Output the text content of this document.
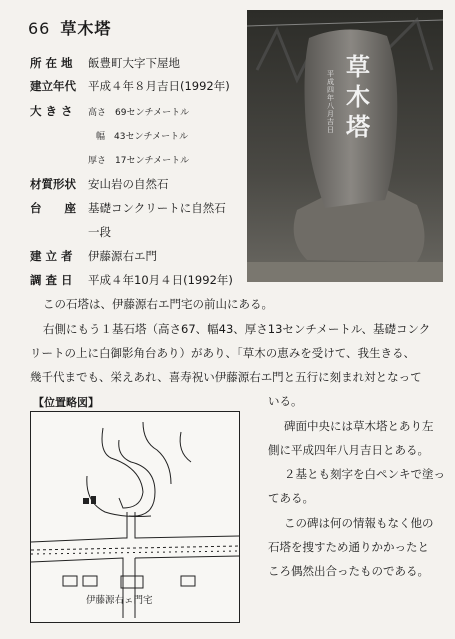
66 草木塔
所 在 地 飯豊町大字下屋地
建立年代 平成４年８月吉日(1992年)
大 き さ 高さ　69センチメートル
幅　43センチメートル
厚さ　17センチメートル
材質形状 安山岩の自然石
台　　座 基礎コンクリートに自然石
一段
建 立 者 伊藤源右エ門
調 査 日 平成４年10月４日(1992年)
草木塔
平成四年八月吉日
この石塔は、伊藤源右エ門宅の前山にある。
右側にもう１基石塔（高さ67、幅43、厚さ13センチメートル、基礎コンク
リートの上に白御影角台あり）があり、「草木の恵みを受けて、我生きる、
幾千代までも、栄えあれ、喜寿祝い伊藤源右エ門と五行に刻まれ対となって
いる。
碑面中央には草木塔とあり左
側に平成四年八月吉日とある。
２基とも刻字を白ペンキで塗っ
てある。
この碑は何の情報もなく他の
石塔を捜すため通りかかったと
ころ偶然出合ったものである。
【位置略図】
伊藤源右ェ門宅
